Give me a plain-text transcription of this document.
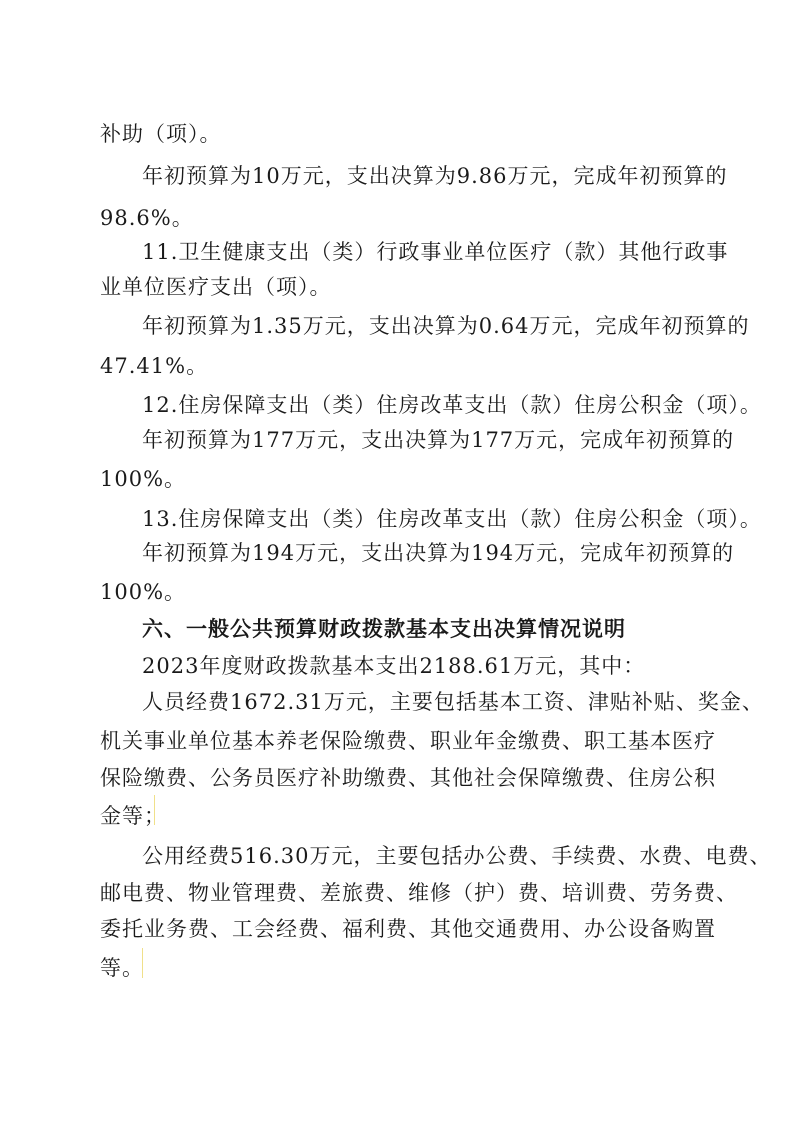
补助（项）。
年初预算为10万元，支出决算为9.86万元，完成年初预算的
98.6%。
11.卫生健康支出（类）行政事业单位医疗（款）其他行政事
业单位医疗支出（项）。
年初预算为1.35万元，支出决算为0.64万元，完成年初预算的
47.41%。
12.住房保障支出（类）住房改革支出（款）住房公积金（项）。
年初预算为177万元，支出决算为177万元，完成年初预算的
100%。
13.住房保障支出（类）住房改革支出（款）住房公积金（项）。
年初预算为194万元，支出决算为194万元，完成年初预算的
100%。
六、一般公共预算财政拨款基本支出决算情况说明
2023年度财政拨款基本支出2188.61万元，其中：
人员经费1672.31万元，主要包括基本工资、津贴补贴、奖金、
机关事业单位基本养老保险缴费、职业年金缴费、职工基本医疗
保险缴费、公务员医疗补助缴费、其他社会保障缴费、住房公积
金等；
公用经费516.30万元，主要包括办公费、手续费、水费、电费、
邮电费、物业管理费、差旅费、维修（护）费、培训费、劳务费、
委托业务费、工会经费、福利费、其他交通费用、办公设备购置
等。
